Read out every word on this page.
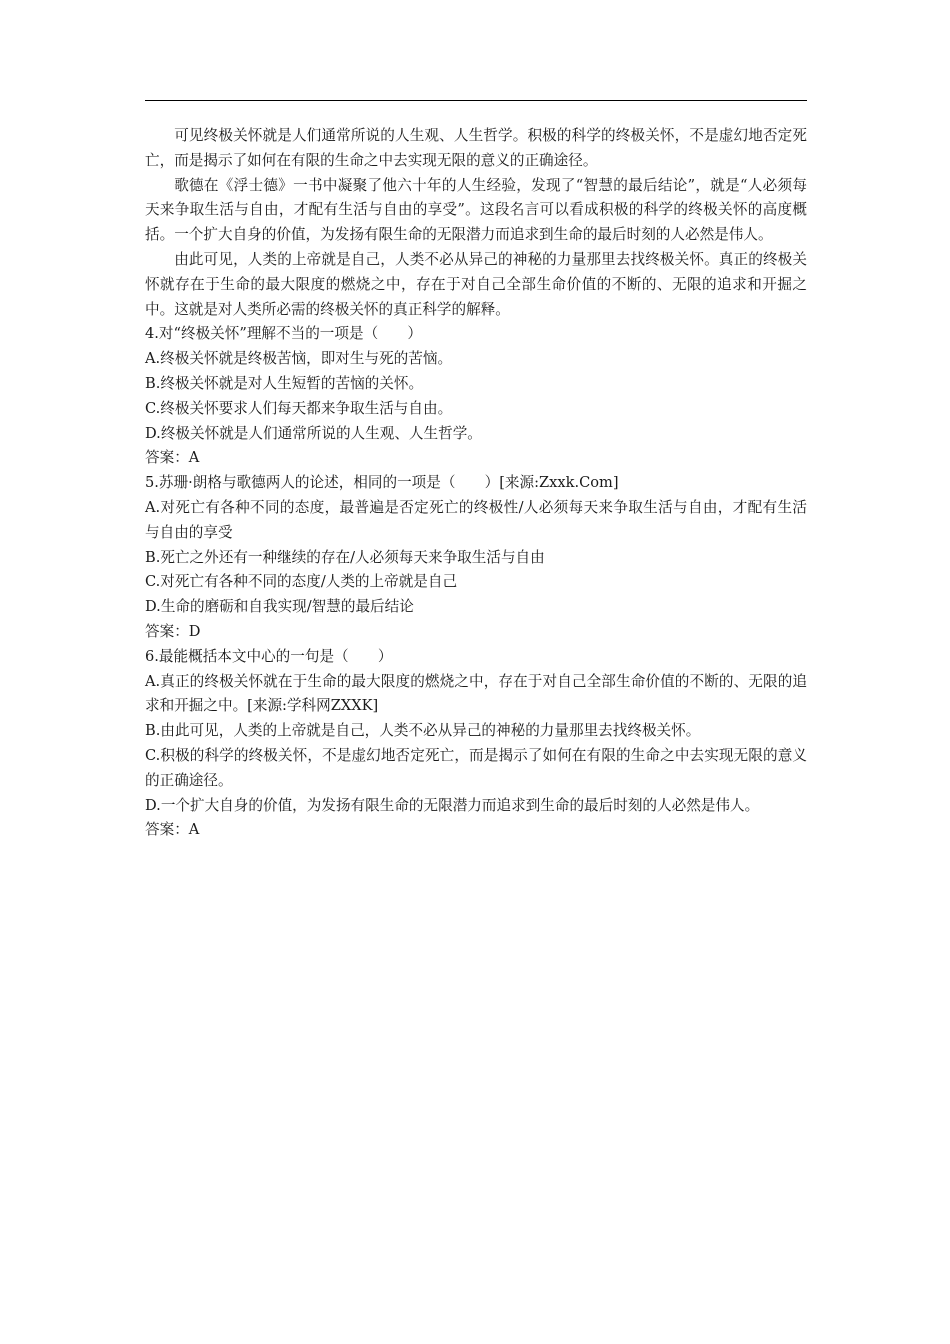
可见终极关怀就是人们通常所说的人生观、人生哲学。积极的科学的终极关怀，不是虚幻地否定死亡，而是揭示了如何在有限的生命之中去实现无限的意义的正确途径。

歌德在《浮士德》一书中凝聚了他六十年的人生经验，发现了“智慧的最后结论”，就是“人必须每天来争取生活与自由，才配有生活与自由的享受”。这段名言可以看成积极的科学的终极关怀的高度概括。一个扩大自身的价值，为发扬有限生命的无限潜力而追求到生命的最后时刻的人必然是伟人。

由此可见，人类的上帝就是自己，人类不必从异己的神秘的力量那里去找终极关怀。真正的终极关怀就存在于生命的最大限度的燃烧之中，存在于对自己全部生命价值的不断的、无限的追求和开掘之中。这就是对人类所必需的终极关怀的真正科学的解释。

4.对“终极关怀”理解不当的一项是（　　）

A.终极关怀就是终极苦恼，即对生与死的苦恼。

B.终极关怀就是对人生短暂的苦恼的关怀。

C.终极关怀要求人们每天都来争取生活与自由。

D.终极关怀就是人们通常所说的人生观、人生哲学。

答案：A

5.苏珊·朗格与歌德两人的论述，相同的一项是（　　）[来源:Zxxk.Com]

A.对死亡有各种不同的态度，最普遍是否定死亡的终极性/人必须每天来争取生活与自由，才配有生活与自由的享受

B.死亡之外还有一种继续的存在/人必须每天来争取生活与自由

C.对死亡有各种不同的态度/人类的上帝就是自己

D.生命的磨砺和自我实现/智慧的最后结论

答案：D

6.最能概括本文中心的一句是（　　）

A.真正的终极关怀就在于生命的最大限度的燃烧之中，存在于对自己全部生命价值的不断的、无限的追求和开掘之中。[来源:学科网ZXXK]

B.由此可见，人类的上帝就是自己，人类不必从异己的神秘的力量那里去找终极关怀。

C.积极的科学的终极关怀，不是虚幻地否定死亡，而是揭示了如何在有限的生命之中去实现无限的意义的正确途径。

D.一个扩大自身的价值，为发扬有限生命的无限潜力而追求到生命的最后时刻的人必然是伟人。

答案：A
